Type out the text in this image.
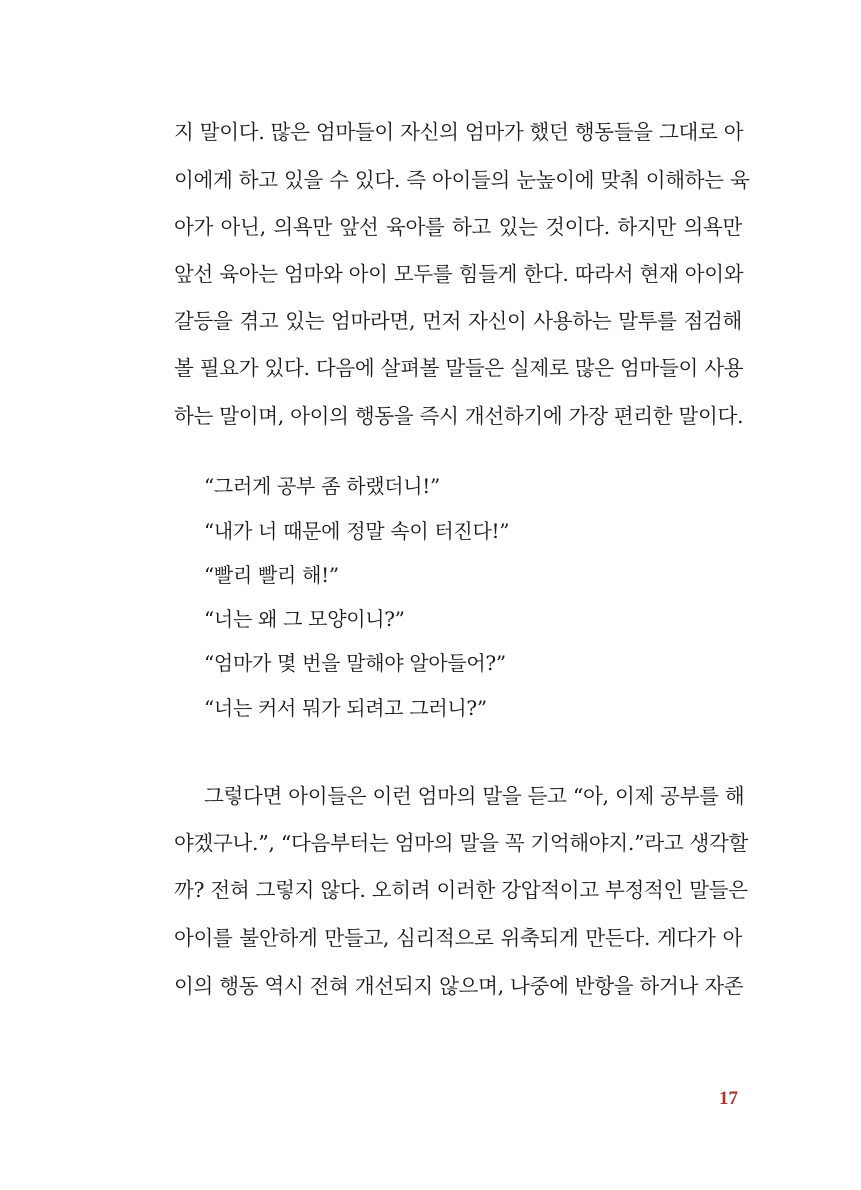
지 말이다. 많은 엄마들이 자신의 엄마가 했던 행동들을 그대로 아
이에게 하고 있을 수 있다. 즉 아이들의 눈높이에 맞춰 이해하는 육
아가 아닌, 의욕만 앞선 육아를 하고 있는 것이다. 하지만 의욕만
앞선 육아는 엄마와 아이 모두를 힘들게 한다. 따라서 현재 아이와
갈등을 겪고 있는 엄마라면, 먼저 자신이 사용하는 말투를 점검해
볼 필요가 있다. 다음에 살펴볼 말들은 실제로 많은 엄마들이 사용
하는 말이며, 아이의 행동을 즉시 개선하기에 가장 편리한 말이다.
“그러게 공부 좀 하랬더니!”
“내가 너 때문에 정말 속이 터진다!”
“빨리 빨리 해!”
“너는 왜 그 모양이니?”
“엄마가 몇 번을 말해야 알아들어?”
“너는 커서 뭐가 되려고 그러니?”
그렇다면 아이들은 이런 엄마의 말을 듣고 “아, 이제 공부를 해
야겠구나.”, “다음부터는 엄마의 말을 꼭 기억해야지.”라고 생각할
까? 전혀 그렇지 않다. 오히려 이러한 강압적이고 부정적인 말들은
아이를 불안하게 만들고, 심리적으로 위축되게 만든다. 게다가 아
이의 행동 역시 전혀 개선되지 않으며, 나중에 반항을 하거나 자존
17
